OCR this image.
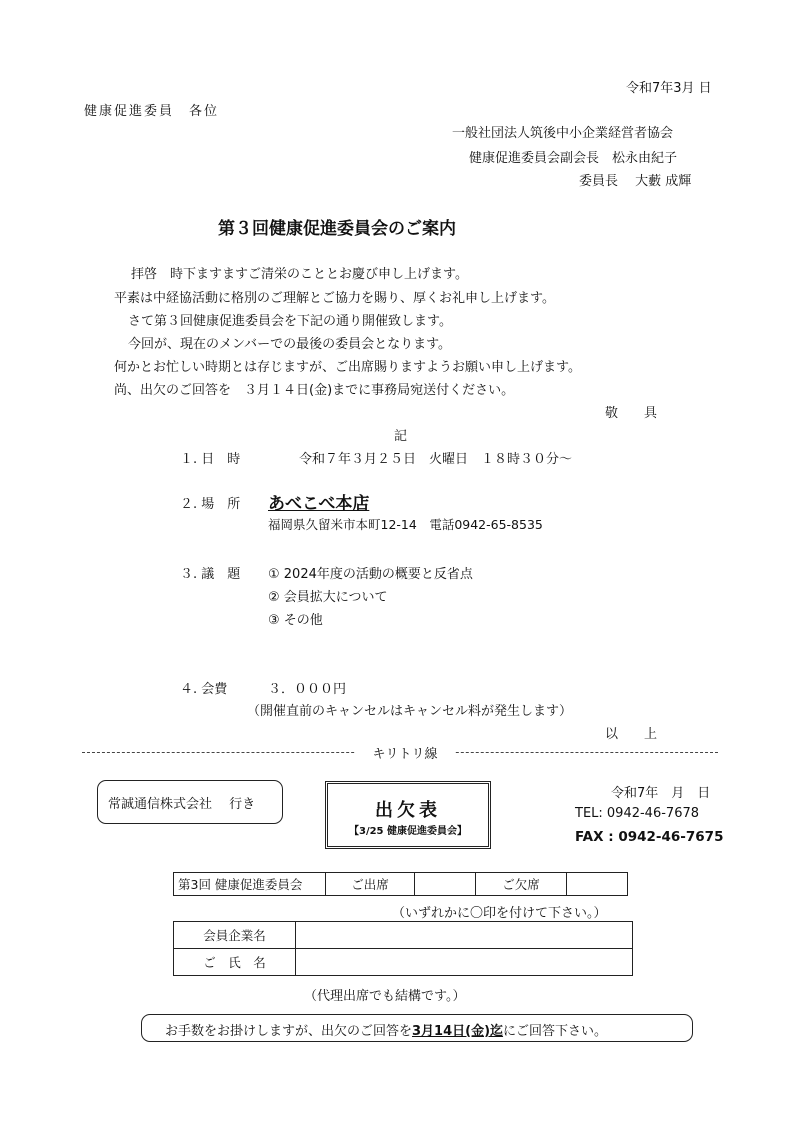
令和7年3月 日
健康促進委員　各位
一般社団法人筑後中小企業経営者協会
健康促進委員会副会長　松永由紀子
委員長　 大藪 成輝
第３回健康促進委員会のご案内
拝啓　時下ますますご清栄のこととお慶び申し上げます。
平素は中経協活動に格別のご理解とご協力を賜り、厚くお礼申し上げます。
さて第３回健康促進委員会を下記の通り開催致します。
今回が、現在のメンバーでの最後の委員会となります。
何かとお忙しい時期とは存じますが、ご出席賜りますようお願い申し上げます。
尚、出欠のご回答を　３月１４日(金)までに事務局宛送付ください。
敬　　具
記
１. 日　時	令和７年３月２５日　火曜日　１８時３０分～
２. 場　所 あべこべ本店
福岡県久留米市本町12-14　電話0942-65-8535
３. 議　題 ① 2024年度の活動の概要と反省点
② 会員拡大について
③ その他
４. 会費	３．０００円
（開催直前のキャンセルはキャンセル料が発生します）
以　　上
キリトリ線
常誠通信株式会社　 行き	出欠表
【3/25 健康促進委員会】
令和7年　月　日
TEL: 0942-46-7678
FAX : 0942-46-7675
第3回 健康促進委員会	ご出席		ご欠席	
（いずれかに〇印を付けて下さい。）
会員企業名	
ご　氏　名	
（代理出席でも結構です。）
お手数をお掛けしますが、出欠のご回答を3月14日(金)迄にご回答下さい。
